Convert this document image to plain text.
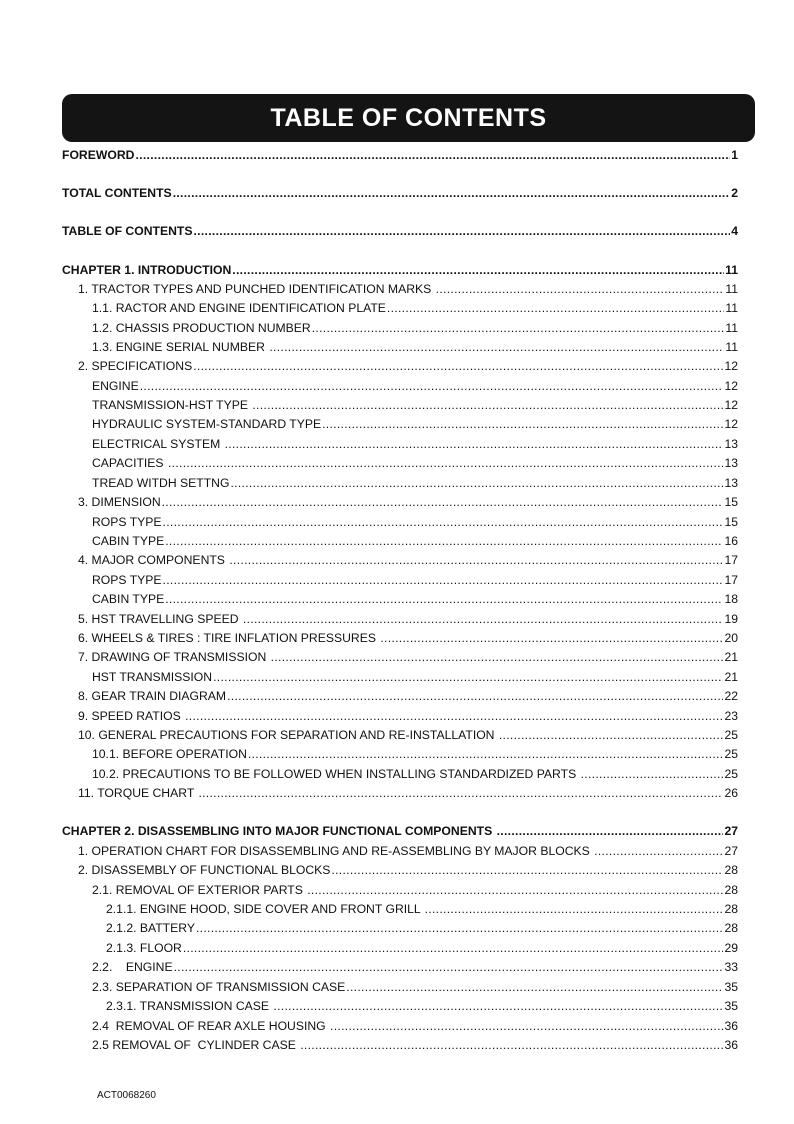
TABLE OF CONTENTS
FOREWORD .....	1
TOTAL CONTENTS .....	2
TABLE OF CONTENTS .....	4
CHAPTER 1. INTRODUCTION .....	11
1. TRACTOR TYPES AND PUNCHED IDENTIFICATION MARKS .....	11
1.1. RACTOR AND ENGINE IDENTIFICATION PLATE .....	11
1.2. CHASSIS PRODUCTION NUMBER .....	11
1.3. ENGINE SERIAL NUMBER .....	11
2. SPECIFICATIONS .....	12
ENGINE .....	12
TRANSMISSION-HST TYPE .....	12
HYDRAULIC SYSTEM-STANDARD TYPE .....	12
ELECTRICAL SYSTEM .....	13
CAPACITIES .....	13
TREAD WITDH SETTNG .....	13
3. DIMENSION .....	15
ROPS TYPE .....	15
CABIN TYPE .....	16
4. MAJOR COMPONENTS .....	17
ROPS TYPE .....	17
CABIN TYPE .....	18
5. HST TRAVELLING SPEED .....	19
6. WHEELS & TIRES : TIRE INFLATION PRESSURES .....	20
7. DRAWING OF TRANSMISSION .....	21
HST TRANSMISSION .....	21
8. GEAR TRAIN DIAGRAM .....	22
9. SPEED RATIOS .....	23
10. GENERAL PRECAUTIONS FOR SEPARATION AND RE-INSTALLATION .....	25
10.1. BEFORE OPERATION .....	25
10.2. PRECAUTIONS TO BE FOLLOWED WHEN INSTALLING STANDARDIZED PARTS .....	25
11. TORQUE CHART .....	26
CHAPTER 2. DISASSEMBLING INTO MAJOR FUNCTIONAL COMPONENTS .....	27
1. OPERATION CHART FOR DISASSEMBLING AND RE-ASSEMBLING BY MAJOR BLOCKS .....	27
2. DISASSEMBLY OF FUNCTIONAL BLOCKS .....	28
2.1. REMOVAL OF EXTERIOR PARTS .....	28
2.1.1. ENGINE HOOD, SIDE COVER AND FRONT GRILL .....	28
2.1.2. BATTERY .....	28
2.1.3. FLOOR .....	29
2.2.    ENGINE .....	33
2.3. SEPARATION OF TRANSMISSION CASE .....	35
2.3.1. TRANSMISSION CASE .....	35
2.4  REMOVAL OF REAR AXLE HOUSING .....	36
2.5 REMOVAL OF  CYLINDER CASE .....	36
ACT0068260
